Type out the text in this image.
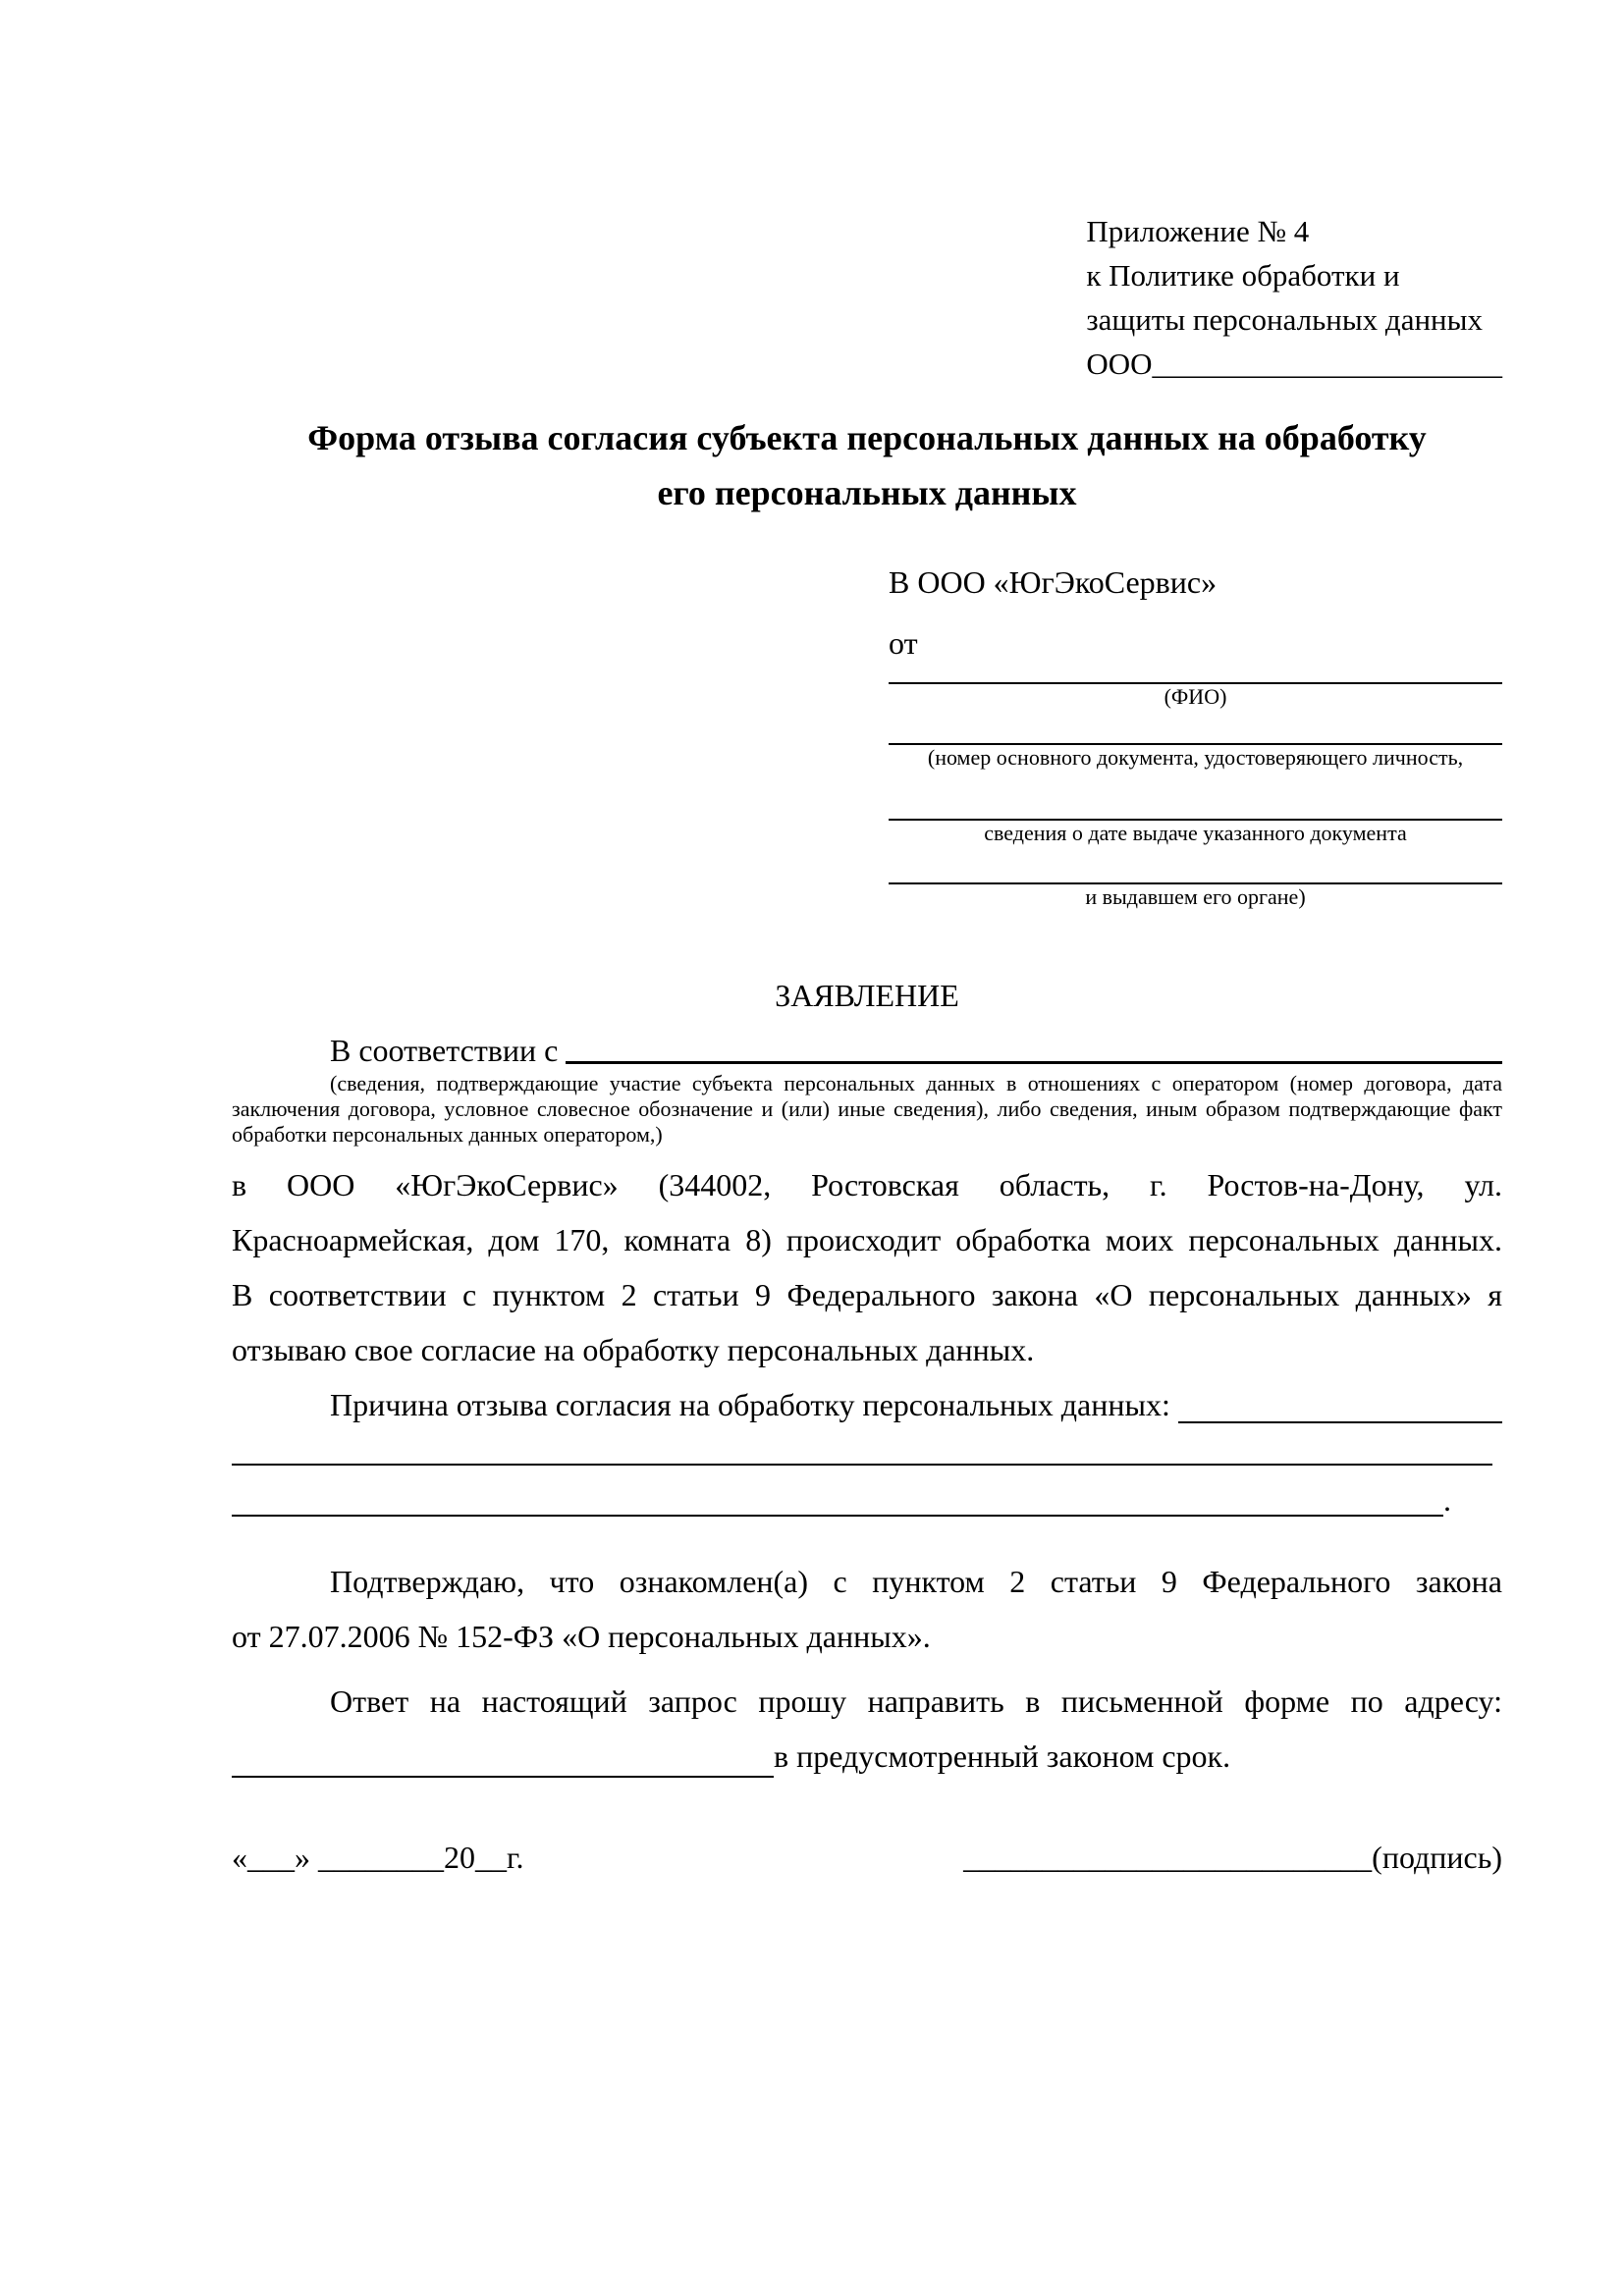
Приложение № 4
к Политике обработки и
защиты персональных данных
ООО_______________________
Форма отзыва согласия субъекта персональных данных на обработку
его персональных данных
В ООО «ЮгЭкоСервис»
от
(ФИО)
(номер основного документа, удостоверяющего личность,
сведения о дате выдаче указанного документа
и выдавшем его органе)
ЗАЯВЛЕНИЕ
В соответствии с
(сведения, подтверждающие участие субъекта персональных данных в отношениях с оператором (номер договора, дата
заключения договора, условное словесное обозначение и (или) иные сведения), либо сведения, иным образом подтверждающие факт
обработки персональных данных оператором,)
в ООО «ЮгЭкоСервис» (344002, Ростовская область, г. Ростов-на-Дону, ул.
Красноармейская, дом 170, комната 8) происходит обработка моих персональных данных.
В соответствии с пунктом 2 статьи 9 Федерального закона «О персональных данных» я
отзываю свое согласие на обработку персональных данных.
Причина отзыва согласия на обработку персональных данных:
.
Подтверждаю, что ознакомлен(а) с пунктом 2 статьи 9 Федерального закона
от 27.07.2006 № 152-ФЗ «О персональных данных».
Ответ на настоящий запрос прошу направить в письменной форме по адресу:
в предусмотренный законом срок.
«___» ________20__г.	__________________________(подпись)
